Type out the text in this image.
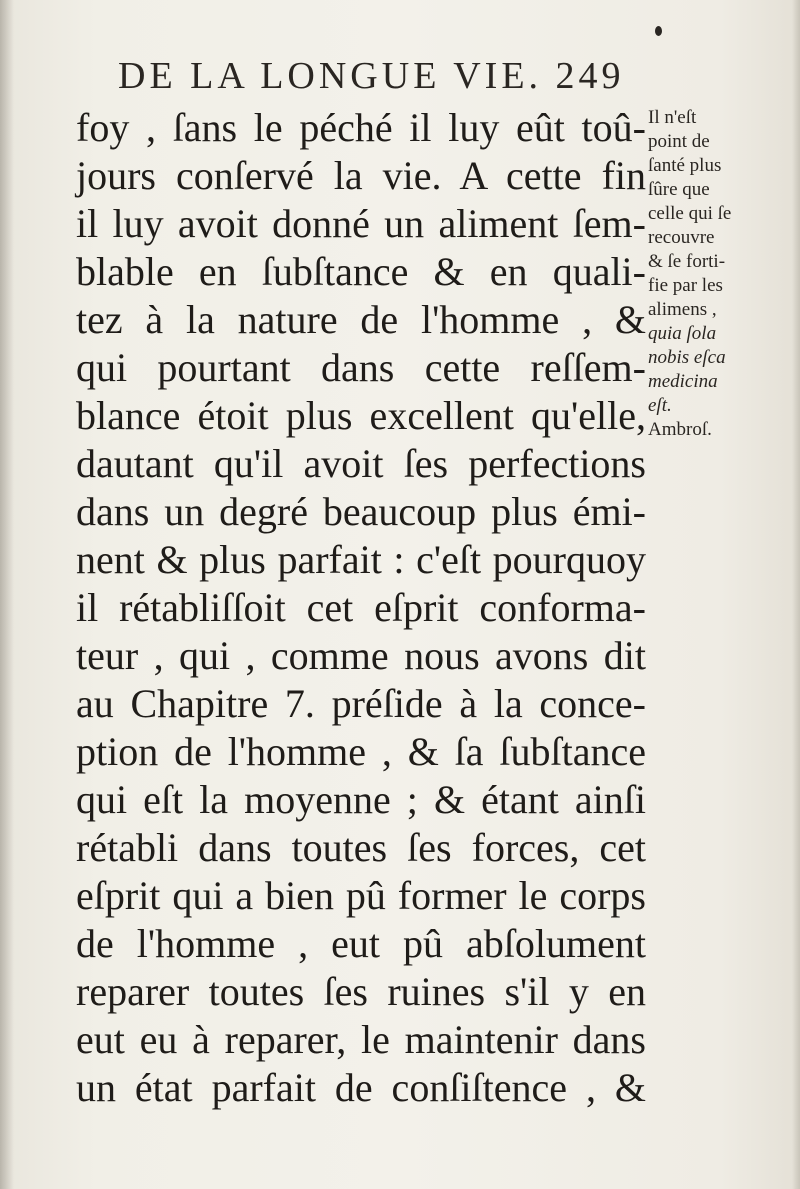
DE LA LONGUE VIE. 249
foy , ſans le péché il luy eût toû-
jours conſervé la vie. A cette fin
il luy avoit donné un aliment ſem-
blable en ſubſtance & en quali-
tez à la nature de l'homme , &
qui pourtant dans cette reſſem-
blance étoit plus excellent qu'elle,
dautant qu'il avoit ſes perfections
dans un degré beaucoup plus émi-
nent & plus parfait : c'eſt pourquoy
il rétabliſſoit cet eſprit conforma-
teur , qui , comme nous avons dit
au Chapitre 7. préſide à la conce-
ption de l'homme , & ſa ſubſtance
qui eſt la moyenne ; & étant ainſi
rétabli dans toutes ſes forces, cet
eſprit qui a bien pû former le corps
de l'homme , eut pû abſolument
reparer toutes ſes ruines s'il y en
eut eu à reparer, le maintenir dans
un état parfait de conſiſtence , &
Il n'eſt
point de
ſanté plus
ſûre que
celle qui ſe
recouvre
& ſe forti-
fie par les
alimens ,
quia ſola
nobis eſca
medicina
eſt.
Ambroſ.
